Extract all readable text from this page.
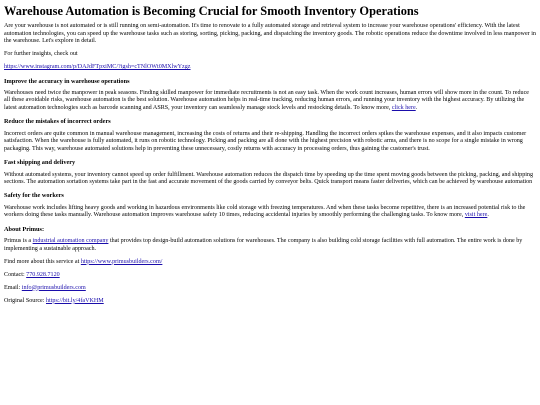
Warehouse Automation is Becoming Crucial for Smooth Inventory Operations

Are your warehouse is not automated or is still running on semi-automation. It's time to renovate to a fully automated storage and retrieval system to increase your warehouse operations' efficiency. With the latest automation technologies, you can speed up the warehouse tasks such as storing, sorting, picking, packing, and dispatching the inventory goods. The robotic operations reduce the downtime involved in less manpower in the warehouse. Let's explore in detail.

For further insights, check out

https://www.instagram.com/p/DAJdFTpxiMC/?igsh=cTNlOWt0MXlwYzgz

Improve the accuracy in warehouse operations

Warehouses need twice the manpower in peak seasons. Finding skilled manpower for immediate recruitments is not an easy task. When the work count increases, human errors will show more in the count. To reduce all these avoidable risks, warehouse automation is the best solution. Warehouse automation helps in real-time tracking, reducing human errors, and running your inventory with the highest accuracy. By utilizing the latest automation technologies such as barcode scanning and ASRS, your inventory can seamlessly manage stock levels and restocking details. To know more, click here.

Reduce the mistakes of incorrect orders

Incorrect orders are quite common in manual warehouse management, increasing the costs of returns and their re-shipping. Handling the incorrect orders spikes the warehouse expenses, and it also impacts customer satisfaction. When the warehouse is fully automated, it runs on robotic technology. Picking and packing are all done with the highest precision with robotic arms, and there is no scope for a single mistake in wrong packaging. This way, warehouse automated solutions help in preventing these unnecessary, costly returns with accuracy in processing orders, thus gaining the customer's trust.

Fast shipping and delivery

Without automated systems, your inventory cannot speed up order fulfillment. Warehouse automation reduces the dispatch time by speeding up the time spent moving goods between the picking, packing, and shipping sections. The automation sortation systems take part in the fast and accurate movement of the goods carried by conveyor belts. Quick transport means faster deliveries, which can be achieved by warehouse automation

Safety for the workers

Warehouse work includes lifting heavy goods and working in hazardous environments like cold storage with freezing temperatures. And when these tasks become repetitive, there is an increased potential risk to the workers doing these tasks manually. Warehouse automation improves warehouse safety 10 times, reducing accidental injuries by smoothly performing the challenging tasks. To know more, visit here.

About Primus:

Primus is a industrial automation company that provides top design-build automation solutions for warehouses. The company is also building cold storage facilities with full automation. The entire work is done by implementing a sustainable approach.

Find more about this service at https://www.primusbuilders.com/

Contact: 770.928.7120

Email: info@primusbuilders.com

Original Source: https://bit.ly/4faVKHM
